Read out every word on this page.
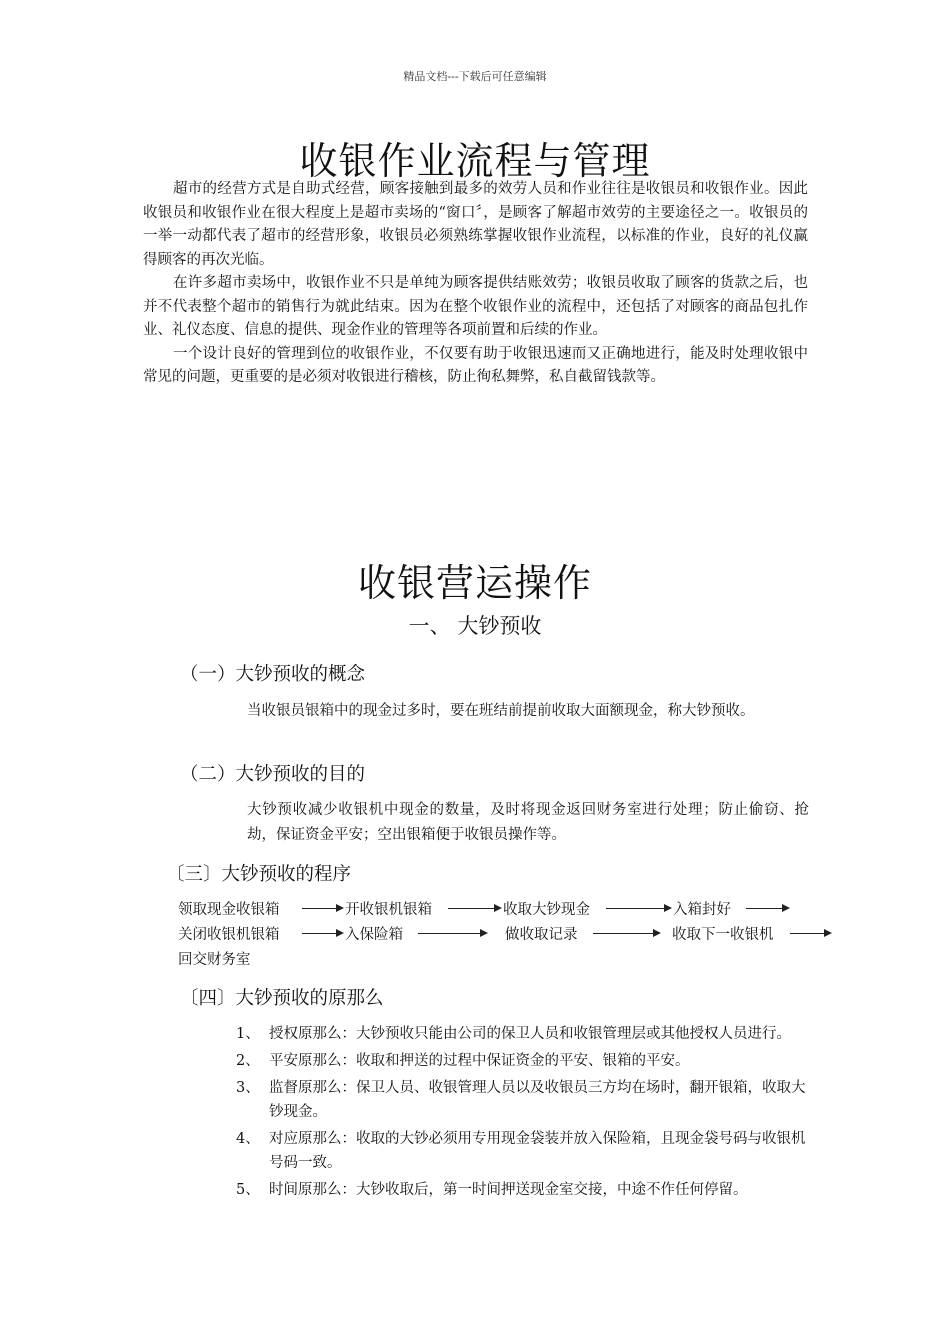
精品文档---下载后可任意编辑
收银作业流程与管理

超市的经营方式是自助式经营，顾客接触到最多的效劳人员和作业往往是收银员和收银作业。因此收银员和收银作业在很大程度上是超市卖场的“窗口〞，是顾客了解超市效劳的主要途径之一。收银员的一举一动都代表了超市的经营形象，收银员必须熟练掌握收银作业流程，以标准的作业，良好的礼仪赢得顾客的再次光临。

在许多超市卖场中，收银作业不只是单纯为顾客提供结账效劳；收银员收取了顾客的货款之后，也并不代表整个超市的销售行为就此结束。因为在整个收银作业的流程中，还包括了对顾客的商品包扎作业、礼仪态度、信息的提供、现金作业的管理等各项前置和后续的作业。

一个设计良好的管理到位的收银作业，不仅要有助于收银迅速而又正确地进行，能及时处理收银中常见的问题，更重要的是必须对收银进行稽核，防止徇私舞弊，私自截留钱款等。

收银营运操作
一、 大钞预收
（一）大钞预收的概念
当收银员银箱中的现金过多时，要在班结前提前收取大面额现金，称大钞预收。
（二）大钞预收的目的
大钞预收减少收银机中现金的数量，及时将现金返回财务室进行处理；防止偷窃、抢劫，保证资金平安；空出银箱便于收银员操作等。
〔三〕大钞预收的程序
领取现金收银箱	开收银机银箱	收取大钞现金	入箱封好
关闭收银机银箱	入保险箱	做收取记录	收取下一收银机
回交财务室
〔四〕大钞预收的原那么
1、 授权原那么：大钞预收只能由公司的保卫人员和收银管理层或其他授权人员进行。
2、 平安原那么：收取和押送的过程中保证资金的平安、银箱的平安。
3、 监督原那么：保卫人员、收银管理人员以及收银员三方均在场时，翻开银箱，收取大钞现金。
4、 对应原那么：收取的大钞必须用专用现金袋装并放入保险箱，且现金袋号码与收银机号码一致。
5、 时间原那么：大钞收取后，第一时间押送现金室交接，中途不作任何停留。
